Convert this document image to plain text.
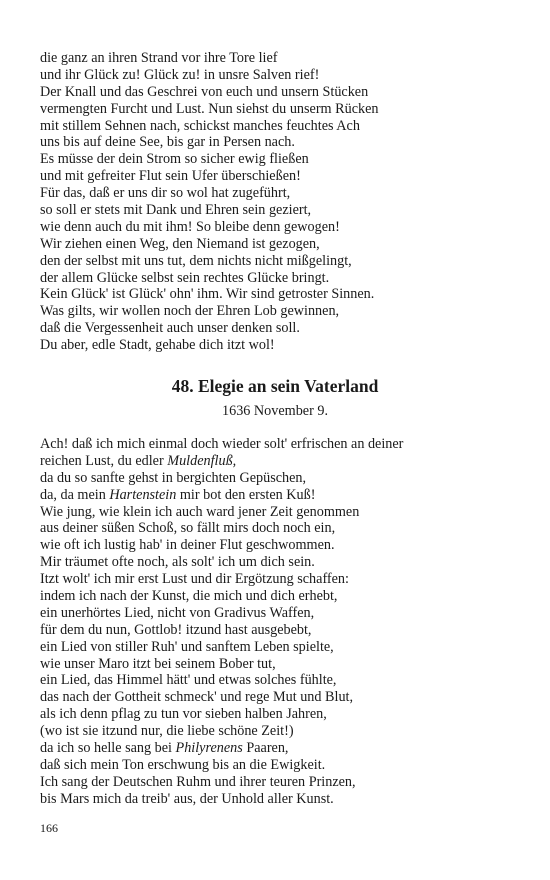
die ganz an ihren Strand vor ihre Tore lief
und ihr Glück zu! Glück zu! in unsre Salven rief!
Der Knall und das Geschrei von euch und unsern Stücken
vermengten Furcht und Lust. Nun siehst du unserm Rücken
mit stillem Sehnen nach, schickst manches feuchtes Ach
uns bis auf deine See, bis gar in Persen nach.
Es müsse der dein Strom so sicher ewig fließen
und mit gefreiter Flut sein Ufer überschießen!
Für das, daß er uns dir so wol hat zugeführt,
so soll er stets mit Dank und Ehren sein geziert,
wie denn auch du mit ihm! So bleibe denn gewogen!
Wir ziehen einen Weg, den Niemand ist gezogen,
den der selbst mit uns tut, dem nichts nicht mißgelingt,
der allem Glücke selbst sein rechtes Glücke bringt.
Kein Glück' ist Glück' ohn' ihm. Wir sind getroster Sinnen.
Was gilts, wir wollen noch der Ehren Lob gewinnen,
daß die Vergessenheit auch unser denken soll.
Du aber, edle Stadt, gehabe dich itzt wol!
48. Elegie an sein Vaterland
1636 November 9.
Ach! daß ich mich einmal doch wieder solt' erfrischen an deiner
reichen Lust, du edler Muldenfluß,
da du so sanfte gehst in bergichten Gepüschen,
da, da mein Hartenstein mir bot den ersten Kuß!
Wie jung, wie klein ich auch ward jener Zeit genommen
aus deiner süßen Schoß, so fällt mirs doch noch ein,
wie oft ich lustig hab' in deiner Flut geschwommen.
Mir träumet ofte noch, als solt' ich um dich sein.
Itzt wolt' ich mir erst Lust und dir Ergötzung schaffen:
indem ich nach der Kunst, die mich und dich erhebt,
ein unerhörtes Lied, nicht von Gradivus Waffen,
für dem du nun, Gottlob! itzund hast ausgebebt,
ein Lied von stiller Ruh' und sanftem Leben spielte,
wie unser Maro itzt bei seinem Bober tut,
ein Lied, das Himmel hätt' und etwas solches fühlte,
das nach der Gottheit schmeck' und rege Mut und Blut,
als ich denn pflag zu tun vor sieben halben Jahren,
(wo ist sie itzund nur, die liebe schöne Zeit!)
da ich so helle sang bei Philyrenens Paaren,
daß sich mein Ton erschwung bis an die Ewigkeit.
Ich sang der Deutschen Ruhm und ihrer teuren Prinzen,
bis Mars mich da treib' aus, der Unhold aller Kunst.
166
